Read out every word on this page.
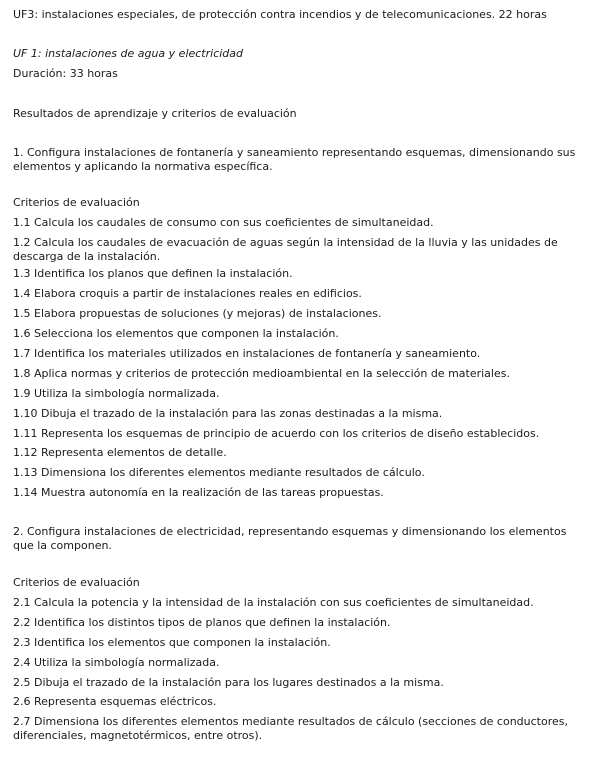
UF3: instalaciones especiales, de protección contra incendios y de telecomunicaciones. 22 horas

UF 1: instalaciones de agua y electricidad

Duración: 33 horas

Resultados de aprendizaje y criterios de evaluación

1. Configura instalaciones de fontanería y saneamiento representando esquemas, dimensionando sus elementos y aplicando la normativa específica.

Criterios de evaluación

1.1 Calcula los caudales de consumo con sus coeficientes de simultaneidad.

1.2 Calcula los caudales de evacuación de aguas según la intensidad de la lluvia y las unidades de descarga de la instalación.

1.3 Identifica los planos que definen la instalación.

1.4 Elabora croquis a partir de instalaciones reales en edificios.

1.5 Elabora propuestas de soluciones (y mejoras) de instalaciones.

1.6 Selecciona los elementos que componen la instalación.

1.7 Identifica los materiales utilizados en instalaciones de fontanería y saneamiento.

1.8 Aplica normas y criterios de protección medioambiental en la selección de materiales.

1.9 Utiliza la simbología normalizada.

1.10 Dibuja el trazado de la instalación para las zonas destinadas a la misma.

1.11 Representa los esquemas de principio de acuerdo con los criterios de diseño establecidos.

1.12 Representa elementos de detalle.

1.13 Dimensiona los diferentes elementos mediante resultados de cálculo.

1.14 Muestra autonomía en la realización de las tareas propuestas.

2. Configura instalaciones de electricidad, representando esquemas y dimensionando los elementos que la componen.

Criterios de evaluación

2.1 Calcula la potencia y la intensidad de la instalación con sus coeficientes de simultaneidad.

2.2 Identifica los distintos tipos de planos que definen la instalación.

2.3 Identifica los elementos que componen la instalación.

2.4 Utiliza la simbología normalizada.

2.5 Dibuja el trazado de la instalación para los lugares destinados a la misma.

2.6 Representa esquemas eléctricos.

2.7 Dimensiona los diferentes elementos mediante resultados de cálculo (secciones de conductores, diferenciales, magnetotérmicos, entre otros).
